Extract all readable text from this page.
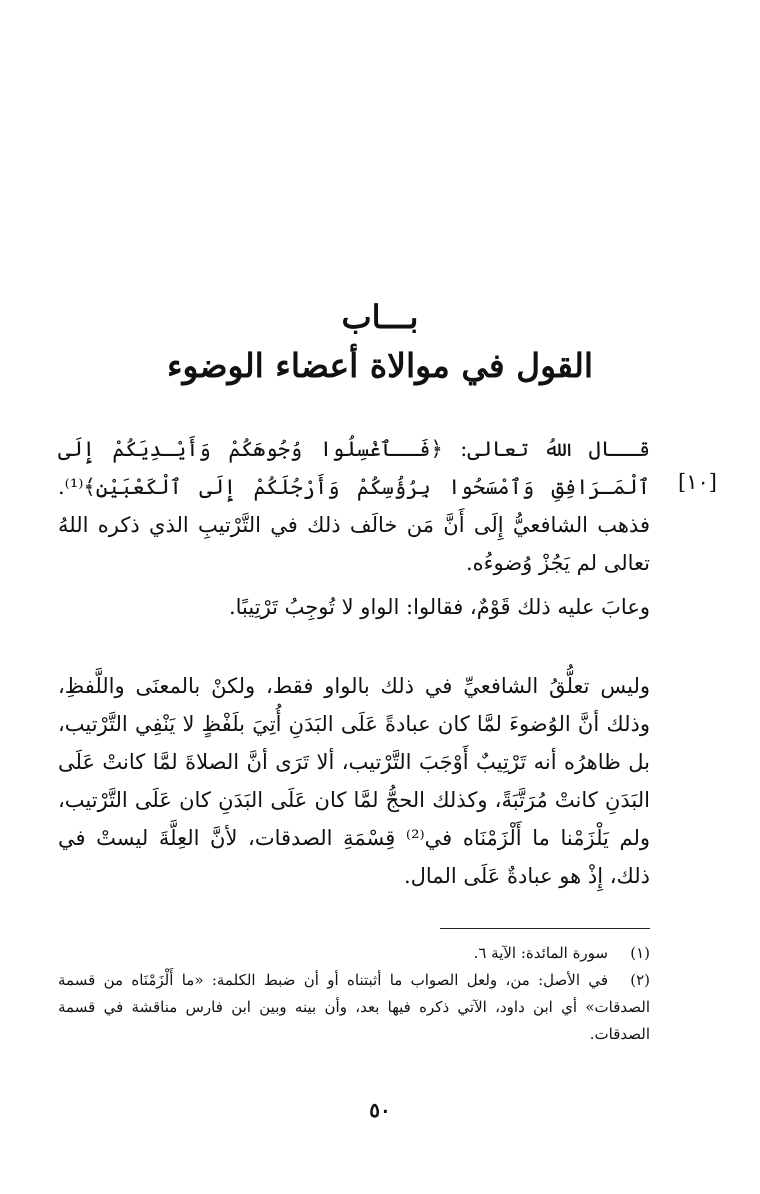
بـــاب
القول في موالاة أعضاء الوضوء
قــال اللهُ تعالى: ﴿فَــٱغْسِلُوا وُجُوهَكُمْ وَأَيْـدِيَكُمْ إِلَى ٱلْمَـرَافِقِ وَٱمْسَحُوا بِرُؤُسِكُمْ وَأَرْجُلَكُمْ إِلَى ٱلْكَعْبَيْنِ﴾⁽¹⁾. فذهب الشافعيُّ إِلَى أَنَّ مَن خالَف ذلك في التَّرْتيبِ الذي ذكره اللهُ تعالى لم يَجُزْ وُضوءُه.
[١٠]
وعابَ عليه ذلك قَوْمٌ، فقالوا: الواو لا تُوجِبُ تَرْتِيبًا.
وليس تعلُّقُ الشافعيِّ في ذلك بالواو فقط، ولكنْ بالمعنَى واللَّفظِ، وذلك أنَّ الوُضوءَ لمَّا كان عبادةً عَلَى البَدَنِ أُتِيَ بلَفْظٍ لا يَنْفِي التَّرْتيب، بل ظاهرُه أنه تَرْتِيبٌ أَوْجَبَ التَّرْتيب، ألا تَرَى أنَّ الصلاةَ لمَّا كانتْ عَلَى البَدَنِ كانتْ مُرَتَّبَةً، وكذلك الحجُّ لمَّا كان عَلَى البَدَنِ كان عَلَى التَّرْتيب، ولم يَلْزَمْنا ما أَلْزَمْنَاه في⁽²⁾ قِسْمَةِ الصدقات، لأنَّ العِلَّةَ ليستْ في ذلك، إِذْ هو عبادةٌ عَلَى المال.
(١)سورة المائدة: الآية ٦.
(٢)في الأصل: من، ولعل الصواب ما أثبتناه أو أن ضبط الكلمة: «ما أَلْزَمْنَاه من قسمة الصدقات» أي ابن داود، الآتي ذكره فيها بعد، وأن بينه وبين ابن فارس مناقشة في قسمة الصدقات.
٥٠
